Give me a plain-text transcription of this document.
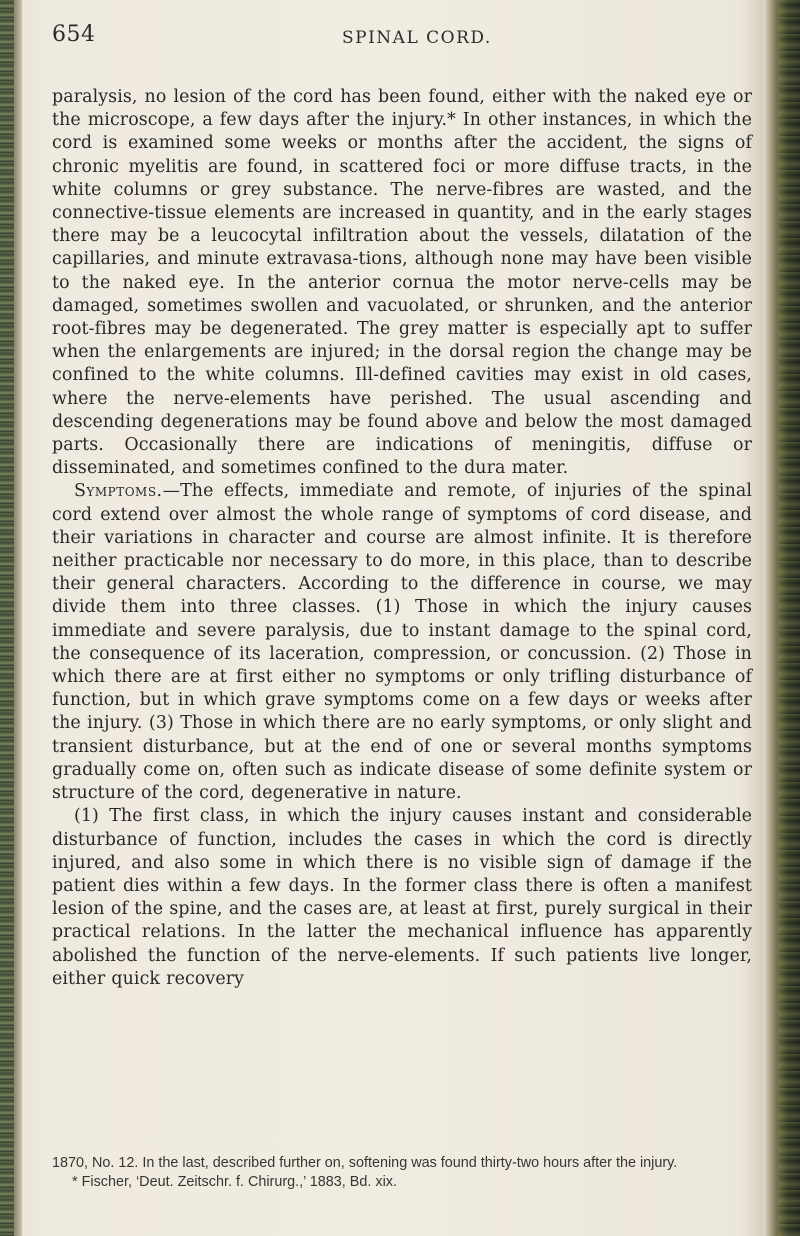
654	SPINAL CORD.

paralysis, no lesion of the cord has been found, either with the naked eye or the microscope, a few days after the injury.* In other instances, in which the cord is examined some weeks or months after the accident, the signs of chronic myelitis are found, in scattered foci or more diffuse tracts, in the white columns or grey substance. The nerve-fibres are wasted, and the connective-tissue elements are increased in quantity, and in the early stages there may be a leucocytal infiltration about the vessels, dilatation of the capillaries, and minute extravasa-tions, although none may have been visible to the naked eye. In the anterior cornua the motor nerve-cells may be damaged, sometimes swollen and vacuolated, or shrunken, and the anterior root-fibres may be degenerated. The grey matter is especially apt to suffer when the enlargements are injured; in the dorsal region the change may be confined to the white columns. Ill-defined cavities may exist in old cases, where the nerve-elements have perished. The usual ascending and descending degenerations may be found above and below the most damaged parts. Occasionally there are indications of meningitis, diffuse or disseminated, and sometimes confined to the dura mater.

Symptoms.—The effects, immediate and remote, of injuries of the spinal cord extend over almost the whole range of symptoms of cord disease, and their variations in character and course are almost infinite. It is therefore neither practicable nor necessary to do more, in this place, than to describe their general characters. According to the difference in course, we may divide them into three classes. (1) Those in which the injury causes immediate and severe paralysis, due to instant damage to the spinal cord, the consequence of its laceration, compression, or concussion. (2) Those in which there are at first either no symptoms or only trifling disturbance of function, but in which grave symptoms come on a few days or weeks after the injury. (3) Those in which there are no early symptoms, or only slight and transient disturbance, but at the end of one or several months symptoms gradually come on, often such as indicate disease of some definite system or structure of the cord, degenerative in nature.

(1) The first class, in which the injury causes instant and considerable disturbance of function, includes the cases in which the cord is directly injured, and also some in which there is no visible sign of damage if the patient dies within a few days. In the former class there is often a manifest lesion of the spine, and the cases are, at least at first, purely surgical in their practical relations. In the latter the mechanical influence has apparently abolished the function of the nerve-elements. If such patients live longer, either quick recovery

1870, No. 12. In the last, described further on, softening was found thirty-two hours after the injury.

* Fischer, ‘Deut. Zeitschr. f. Chirurg.,’ 1883, Bd. xix.
